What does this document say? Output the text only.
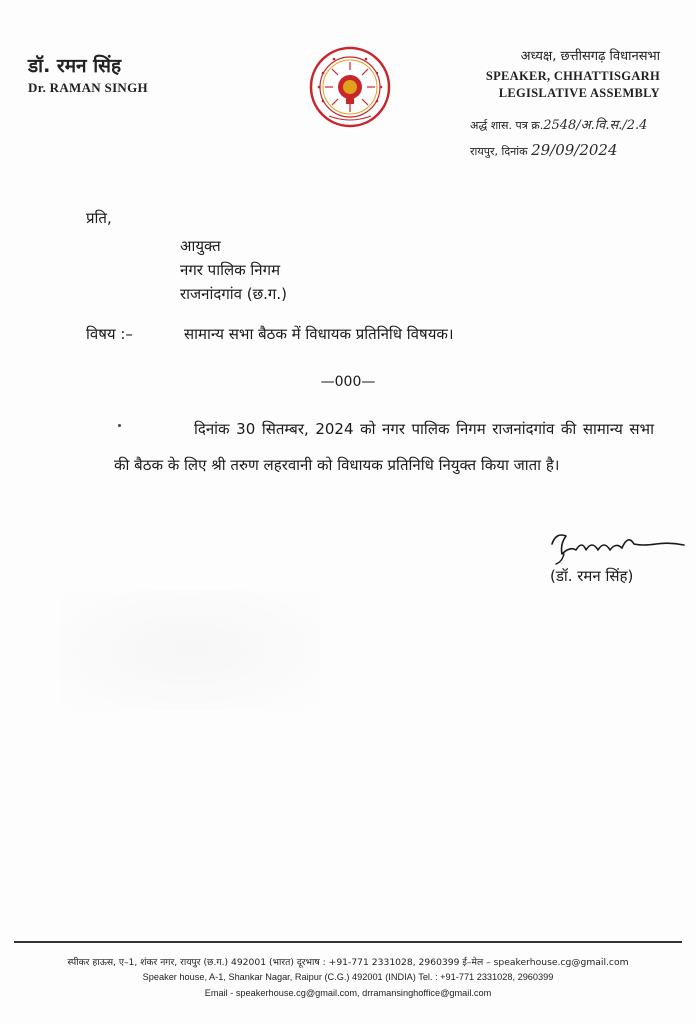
डॉ. रमन सिंह
Dr. RAMAN SINGH
अध्यक्ष, छत्तीसगढ़ विधानसभा
SPEAKER, CHHATTISGARH
LEGISLATIVE ASSEMBLY
अर्द्ध शास. पत्र क्र.2548/अ.वि.स./2.4
रायपुर, दिनांक 29/09/2024
प्रति,
आयुक्त
नगर पालिक निगम
राजनांदगांव (छ.ग.)
विषय :–	सामान्य सभा बैठक में विधायक प्रतिनिधि विषयक।
—000—
दिनांक 30 सितम्बर, 2024 को नगर पालिक निगम राजनांदगांव की सामान्य सभा की बैठक के लिए श्री तरुण लहरवानी को विधायक प्रतिनिधि नियुक्त किया जाता है।
(डॉ. रमन सिंह)
स्पीकर हाऊस, ए–1, शंकर नगर, रायपुर (छ.ग.) 492001 (भारत) दूरभाष : +91-771 2331028, 2960399 ई–मेल – speakerhouse.cg@gmail.com
Speaker house, A-1, Shankar Nagar, Raipur (C.G.) 492001 (INDIA) Tel. : +91-771 2331028, 2960399
Email - speakerhouse.cg@gmail.com, drramansinghoffice@gmail.com
